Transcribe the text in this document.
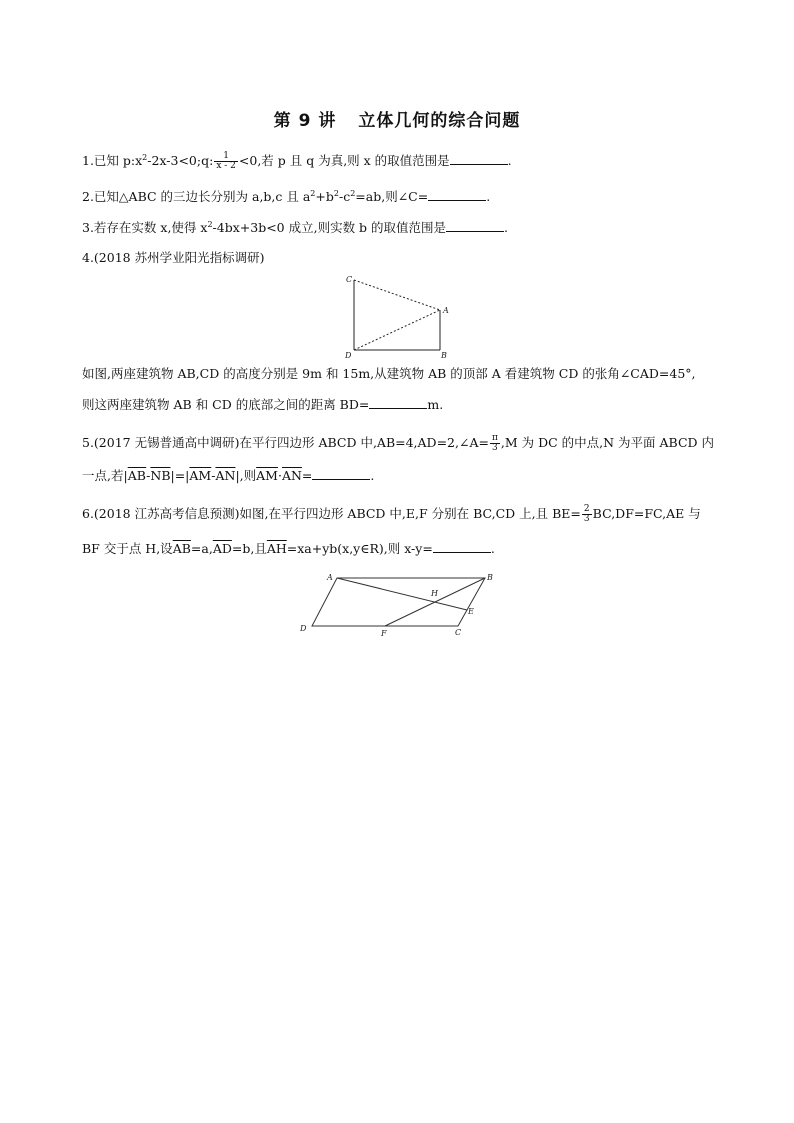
第 9 讲 立体几何的综合问题
1.已知 $p:x^2-2x-3<0;q$: $\frac{1}{x - 2} <0$,若 p 且 q 为真,则 x 的取值范围是	.
2.已知△ABC 的三边长分别为 a,b,c 且 $a^2+b^2-c^2=ab$,则∠C=	.
3.若存在实数 x,使得 $x^2-4bx+3b<0$ 成立,则实数 b 的取值范围是	.
4.(2018 苏州学业阳光指标调研)
C
A
D	B
如图,两座建筑物 AB,CD 的高度分别是 9m 和 15m,从建筑物 AB 的顶部 A 看建筑物 CD 的张角∠CAD=45°,
则这两座建筑物 AB 和 CD 的底部之间的距离 BD=	m.
5.(2017 无锡普通高中调研)在平行四边形 ABCD 中,AB=4,AD=2,∠A= $\frac{\pi}{3} ,M$ 为 DC 的中点,N 为平面 ABCD 内
一点,若$|\overline{AB}-\overline{NB}|=|\overline{AM}-\overline{AN}|$,则$\overline{AM}\cdot\overline{AN}=$	.
6.(2018 江苏高考信息预测)如图,在平行四边形 ABCD 中,E,F 分别在 BC,CD 上,且 $BE= \frac{2}{3} BC,DF=FC,AE$ 与
BF 交于点 H,设$\overline{AB}=a,\overline{AD}=b$,且$\overline{AH}=xa+yb(x,y\in R)$,则 x-y=	.
A	B
H
E
D
F	C
